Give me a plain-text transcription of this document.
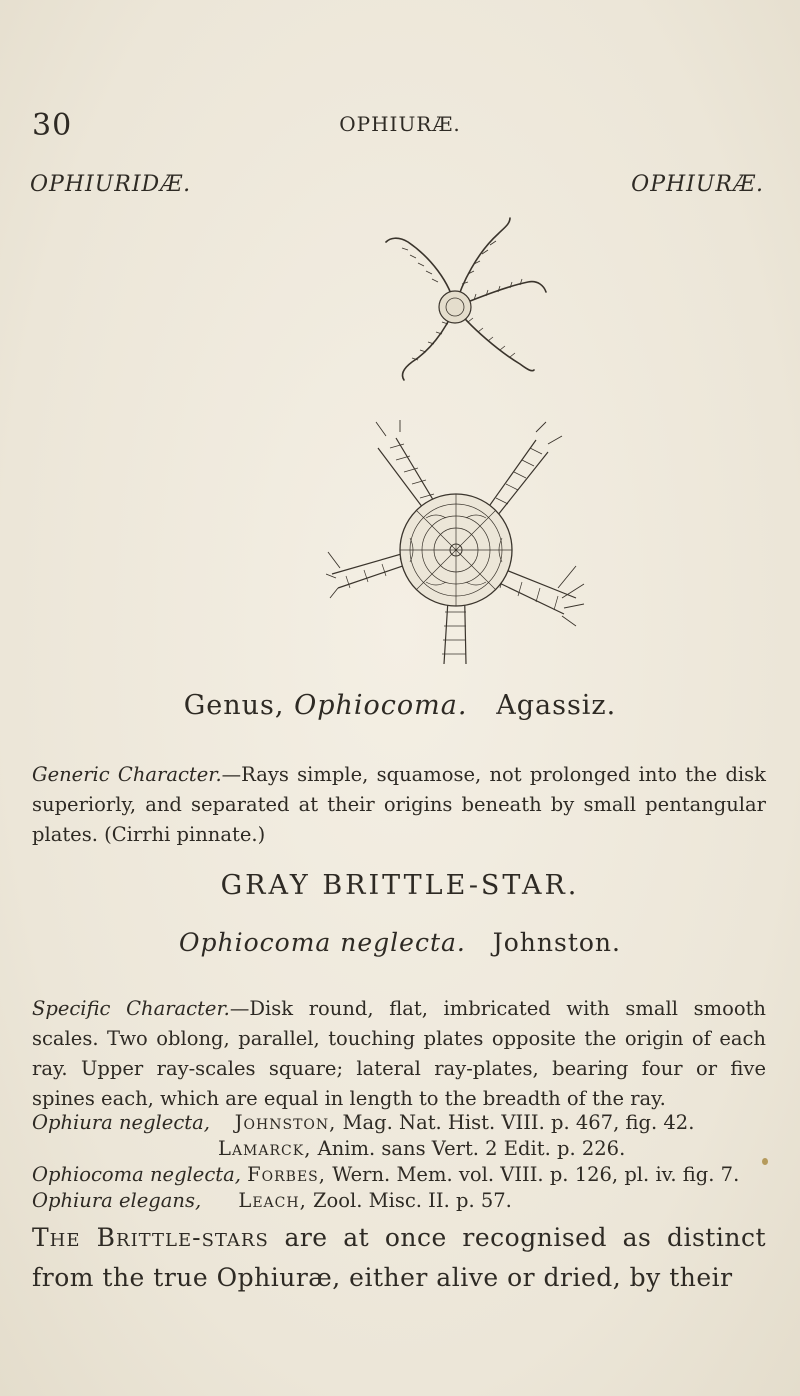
30	OPHIURÆ.
OPHIURIDÆ.	OPHIURÆ.
Genus, Ophiocoma. Agassiz.

Generic Character.—Rays simple, squamose, not prolonged into the disk superiorly, and separated at their origins beneath by small pentangular plates. (Cirrhi pinnate.)

GRAY BRITTLE-STAR.
Ophiocoma neglecta. Johnston.

Specific Character.—Disk round, flat, imbricated with small smooth scales. Two oblong, parallel, touching plates opposite the origin of each ray. Upper ray-scales square; lateral ray-plates, bearing four or five spines each, which are equal in length to the breadth of the ray.

Ophiura neglecta, Johnston, Mag. Nat. Hist. VIII. p. 467, fig. 42.   Lamarck, Anim. sans Vert. 2 Edit. p. 226.

Ophiocoma neglecta, Forbes, Wern. Mem. vol. VIII. p. 126, pl. iv. fig. 7.

Ophiura elegans, Leach, Zool. Misc. II. p. 57.

The Brittle-stars are at once recognised as distinct from the true Ophiuræ, either alive or dried, by their
